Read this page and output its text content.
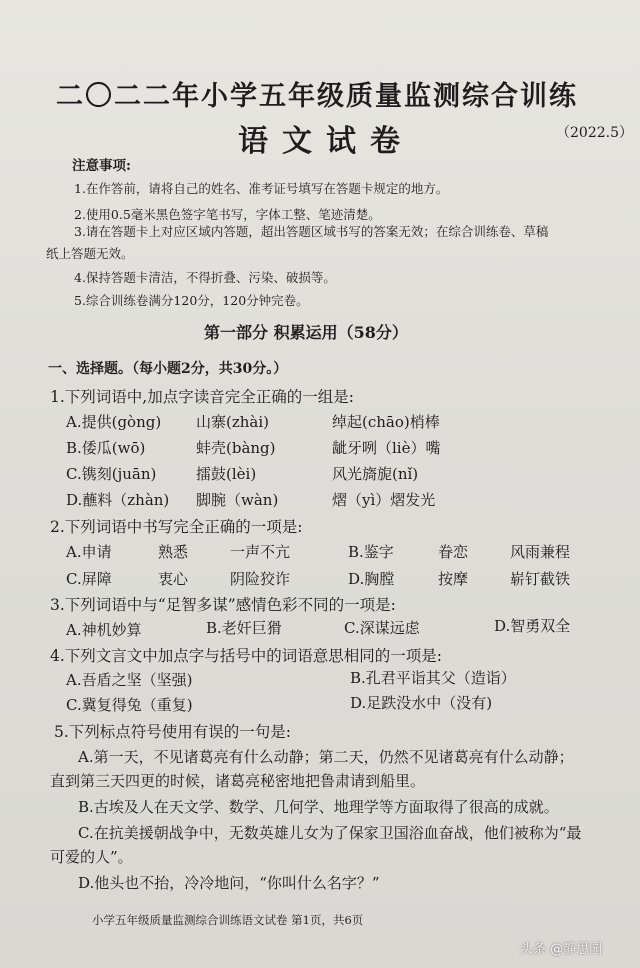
二〇二二年小学五年级质量监测综合训练
语文试卷	（2022.5）
注意事项:
1.在作答前，请将自己的姓名、准考证号填写在答题卡规定的地方。
2.使用0.5毫米黑色签字笔书写，字体工整、笔迹清楚。
3.请在答题卡上对应区域内答题，超出答题区域书写的答案无效；在综合训练卷、草稿
纸上答题无效。
4.保持答题卡清洁，不得折叠、污染、破损等。
5.综合训练卷满分120分，120分钟完卷。
第一部分 积累运用（58分）
一、选择题。（每小题2分，共30分。）
1.下列词语中,加点字读音完全正确的一组是:
A.提供(gòng) 山寨(zhài)	绰起(chāo)梢棒
B.倭瓜(wō)	蚌壳(bàng)	龇牙咧（liè）嘴
C.镌刻(juān)	擂鼓(lèi)	风光旖旎(nǐ)
D.蘸料（zhàn) 脚腕（wàn)	熠（yì）熠发光
2.下列词语中书写完全正确的一项是:
A.申请	熟悉	一声不亢	B.鉴字	眷恋	风雨兼程
C.屏障	衷心	阴险狡诈	D.胸膛	按摩	崭钉截铁
3.下列词语中与“足智多谋”感情色彩不同的一项是:
A.神机妙算	B.老奸巨猾	C.深谋远虑	D.智勇双全
4.下列文言文中加点字与括号中的词语意思相同的一项是:
A.吾盾之坚（坚强)	B.孔君平诣其父（造诣）
C.冀复得兔（重复)	D.足跌没水中（没有)
5.下列标点符号使用有误的一句是:
A.第一天，不见诸葛亮有什么动静；第二天，仍然不见诸葛亮有什么动静；
直到第三天四更的时候，诸葛亮秘密地把鲁肃请到船里。
B.古埃及人在天文学、数学、几何学、地理学等方面取得了很高的成就。
C.在抗美援朝战争中，无数英雄儿女为了保家卫国浴血奋战，他们被称为“最
可爱的人”。
D.他头也不抬，冷冷地问，“你叫什么名字？”
小学五年级质量监测综合训练语文试卷 第1页，共6页
头条 @静思园
